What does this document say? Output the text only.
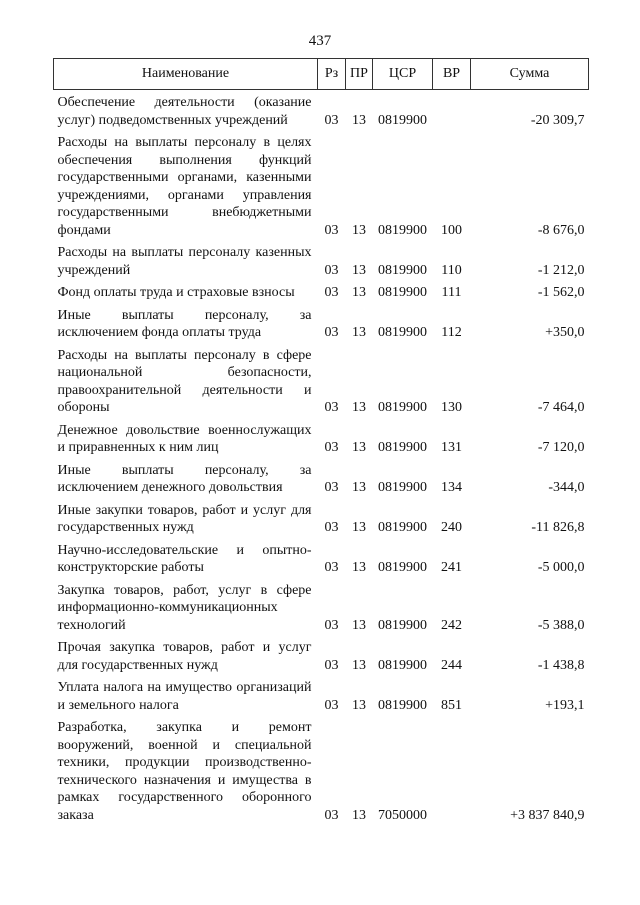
437
Наименование	Рз	ПР	ЦСР	ВР	Сумма
Обеспечение деятельности (оказание услуг) подведомственных учреждений	03	13	0819900		-20 309,7
Расходы на выплаты персоналу в целях обеспечения выполнения функций государственными органами, казенными учреждениями, органами управления государственными внебюджетными фондами	03	13	0819900	100	-8 676,0
Расходы на выплаты персоналу казенных учреждений	03	13	0819900	110	-1 212,0
Фонд оплаты труда и страховые взносы	03	13	0819900	111	-1 562,0
Иные выплаты персоналу, за исключением фонда оплаты труда	03	13	0819900	112	+350,0
Расходы на выплаты персоналу в сфере национальной безопасности, правоохранительной деятельности и обороны	03	13	0819900	130	-7 464,0
Денежное довольствие военнослужащих и приравненных к ним лиц	03	13	0819900	131	-7 120,0
Иные выплаты персоналу, за исключением денежного довольствия	03	13	0819900	134	-344,0
Иные закупки товаров, работ и услуг для государственных нужд	03	13	0819900	240	-11 826,8
Научно-исследовательские и опытно-конструкторские работы	03	13	0819900	241	-5 000,0
Закупка товаров, работ, услуг в сфере информационно-коммуникационных технологий	03	13	0819900	242	-5 388,0
Прочая закупка товаров, работ и услуг для государственных нужд	03	13	0819900	244	-1 438,8
Уплата налога на имущество организаций и земельного налога	03	13	0819900	851	+193,1
Разработка, закупка и ремонт вооружений, военной и специальной техники, продукции производственно-технического назначения и имущества в рамках государственного оборонного заказа	03	13	7050000		+3 837 840,9
